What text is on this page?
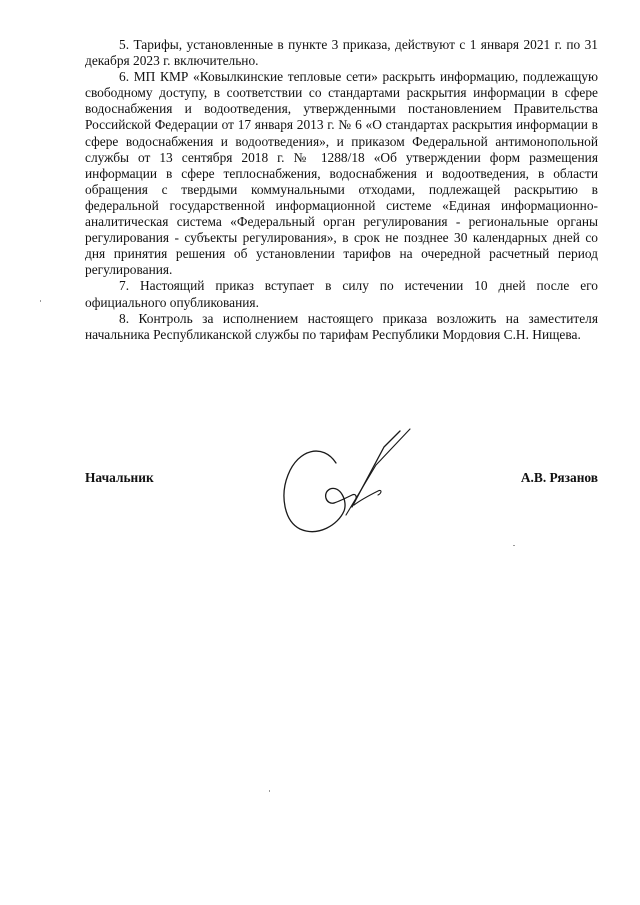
5. Тарифы, установленные в пункте 3 приказа, действуют с 1 января 2021 г. по 31 декабря 2023 г. включительно.

6. МП КМР «Ковылкинские тепловые сети» раскрыть информацию, подлежащую свободному доступу, в соответствии со стандартами раскрытия информации в сфере водоснабжения и водоотведения, утвержденными постановлением Правительства Российской Федерации от 17 января 2013 г. № 6 «О стандартах раскрытия информации в сфере водоснабжения и водоотведения», и приказом Федеральной антимонопольной службы от 13 сентября 2018 г. № 1288/18 «Об утверждении форм размещения информации в сфере теплоснабжения, водоснабжения и водоотведения, в области обращения с твердыми коммунальными отходами, подлежащей раскрытию в федеральной государственной информационной системе «Единая информационно-аналитическая система «Федеральный орган регулирования - региональные органы регулирования - субъекты регулирования», в срок не позднее 30 календарных дней со дня принятия решения об установлении тарифов на очередной расчетный период регулирования.

7. Настоящий приказ вступает в силу по истечении 10 дней после его официального опубликования.

8. Контроль за исполнением настоящего приказа возложить на заместителя начальника Республиканской службы по тарифам Республики Мордовия С.Н. Нищева.

Начальник	А.В. Рязанов
